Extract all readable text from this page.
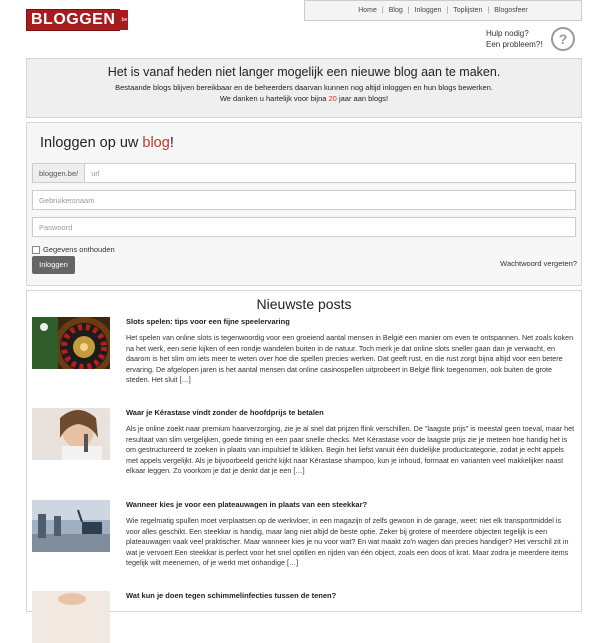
BLOGGEN	.be
Home | Blog | Inloggen | Toplijsten | Blogosfeer
Hulp nodig?
Een probleem?!	?
Het is vanaf heden niet langer mogelijk een nieuwe blog aan te maken.

Bestaande blogs blijven bereikbaar en de beheerders daarvan kunnen nog altijd inloggen en hun blogs bewerken.

We danken u hartelijk voor bijna 20 jaar aan blogs!

Inloggen op uw blog!
bloggen.be/	url
Gebruikersnaam
Paswoord
Gegevens onthouden
Inloggen	Wachtwoord vergeten?
Nieuwste posts
Slots spelen: tips voor een fijne speelervaring
Het spelen van online slots is tegenwoordig voor een groeiend aantal mensen in België een manier om even te ontspannen. Net zoals koken na het werk, een serie kijken of een rondje wandelen buiten in de natuur. Toch merk je dat online slots sneller gaan dan je verwacht, en daarom is het slim om iets meer te weten over hoe die spellen precies werken. Dat geeft rust, en die rust zorgt bijna altijd voor een betere ervaring. De afgelopen jaren is het aantal mensen dat online casinospellen uitprobeert in België flink toegenomen, ook buiten de grote steden. Het sluit […]
Waar je Kérastase vindt zonder de hoofdprijs te betalen
Als je online zoekt naar premium haarverzorging, zie je al snel dat prijzen flink verschillen. De "laagste prijs" is meestal geen toeval, maar het resultaat van slim vergelijken, goede timing en een paar snelle checks. Met Kérastase voor de laagste prijs zie je meteen hoe handig het is om gestructureerd te zoeken in plaats van impulsief te klikken. Begin het liefst vanuit één duidelijke productcategorie, zodat je echt appels met appels vergelijkt. Als je bijvoorbeeld gericht kijkt naar Kérastase shampoo, kun je inhoud, formaat en varianten veel makkelijker naast elkaar leggen. Zo voorkom je dat je denkt dat je een […]
Wanneer kies je voor een plateauwagen in plaats van een steekkar?
Wie regelmatig spullen moet verplaatsen op de werkvloer, in een magazijn of zelfs gewoon in de garage, weet: niet elk transportmiddel is voor alles geschikt. Een steekkar is handig, maar lang niet altijd de beste optie. Zeker bij grotere of meerdere objecten tegelijk is een plateauwagen vaak veel praktischer. Maar wanneer kies je nu voor wat? En wat maakt zo'n wagen dan precies handiger? Het verschil zit in wat je vervoert Een steekkar is perfect voor het snel optillen en rijden van één object, zoals een doos of krat. Maar zodra je meerdere items tegelijk wilt meenemen, of je werkt met onhandige […]
Wat kun je doen tegen schimmelinfecties tussen de tenen?
